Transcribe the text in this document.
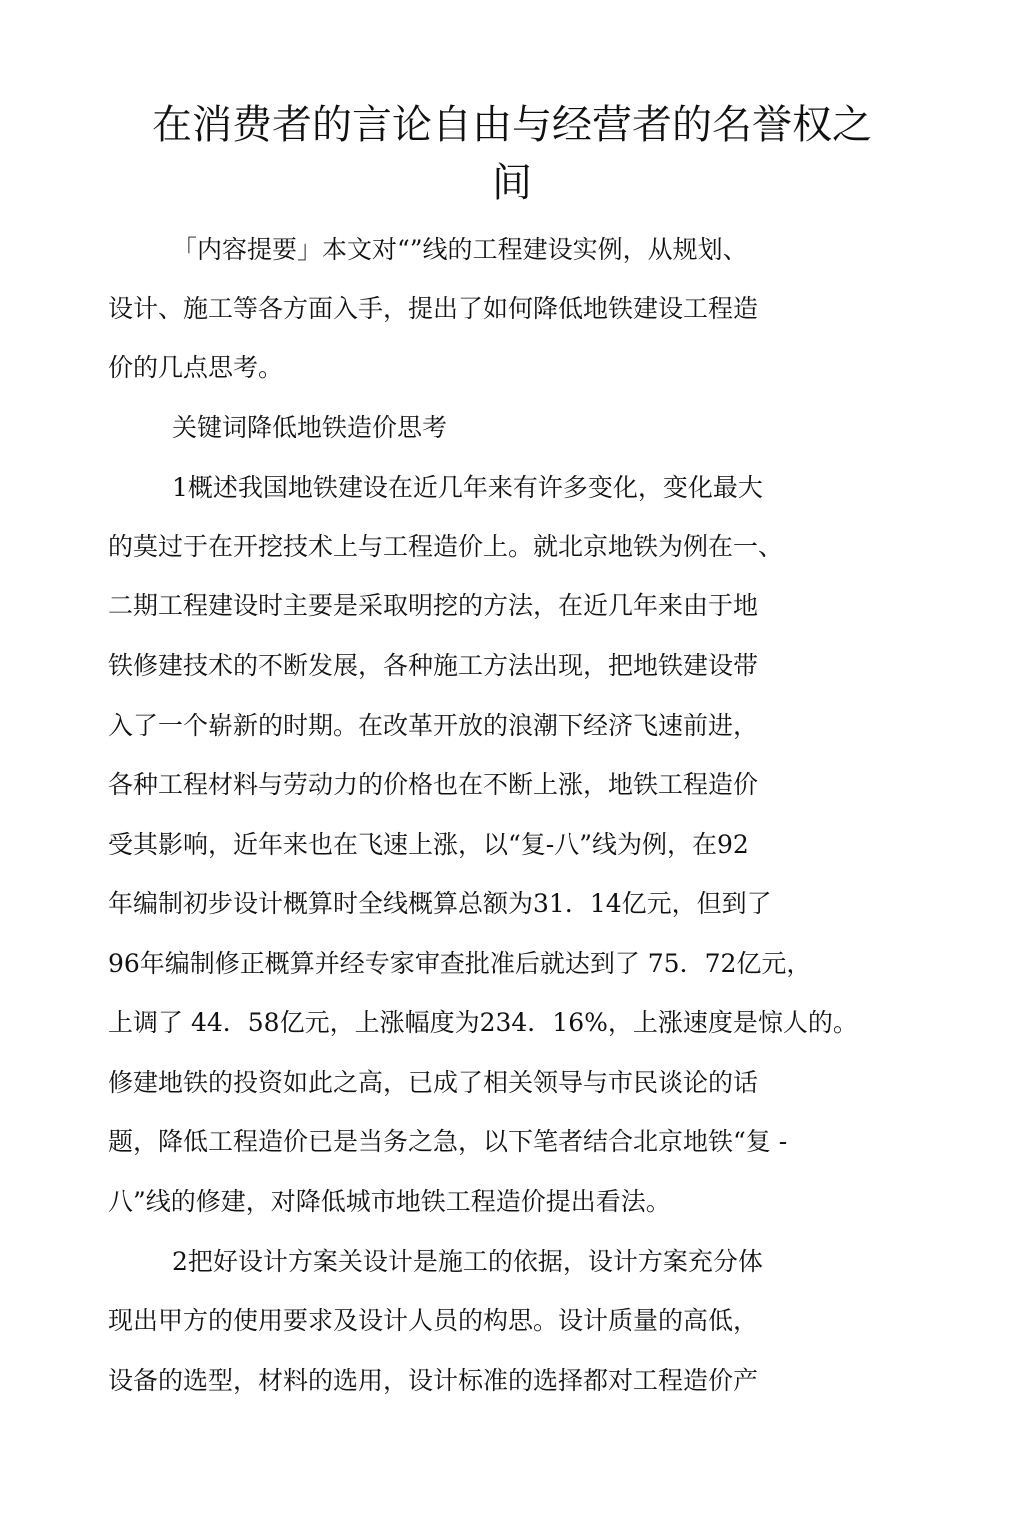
在消费者的言论自由与经营者的名誉权之
间
「内容提要」本文对“”线的工程建设实例，从规划、
设计、施工等各方面入手，提出了如何降低地铁建设工程造
价的几点思考。
关键词降低地铁造价思考
1概述我国地铁建设在近几年来有许多变化，变化最大
的莫过于在开挖技术上与工程造价上。就北京地铁为例在一、
二期工程建设时主要是采取明挖的方法，在近几年来由于地
铁修建技术的不断发展，各种施工方法出现，把地铁建设带
入了一个崭新的时期。在改革开放的浪潮下经济飞速前进，
各种工程材料与劳动力的价格也在不断上涨，地铁工程造价
受其影响，近年来也在飞速上涨，以“复-八”线为例，在92
年编制初步设计概算时全线概算总额为31．14亿元，但到了
96年编制修正概算并经专家审查批准后就达到了 75．72亿元，
上调了 44．58亿元，上涨幅度为234．16%，上涨速度是惊人的。
修建地铁的投资如此之高，已成了相关领导与市民谈论的话
题，降低工程造价已是当务之急，以下笔者结合北京地铁“复 -
八”线的修建，对降低城市地铁工程造价提出看法。
2把好设计方案关设计是施工的依据，设计方案充分体
现出甲方的使用要求及设计人员的构思。设计质量的高低，
设备的选型，材料的选用，设计标准的选择都对工程造价产
